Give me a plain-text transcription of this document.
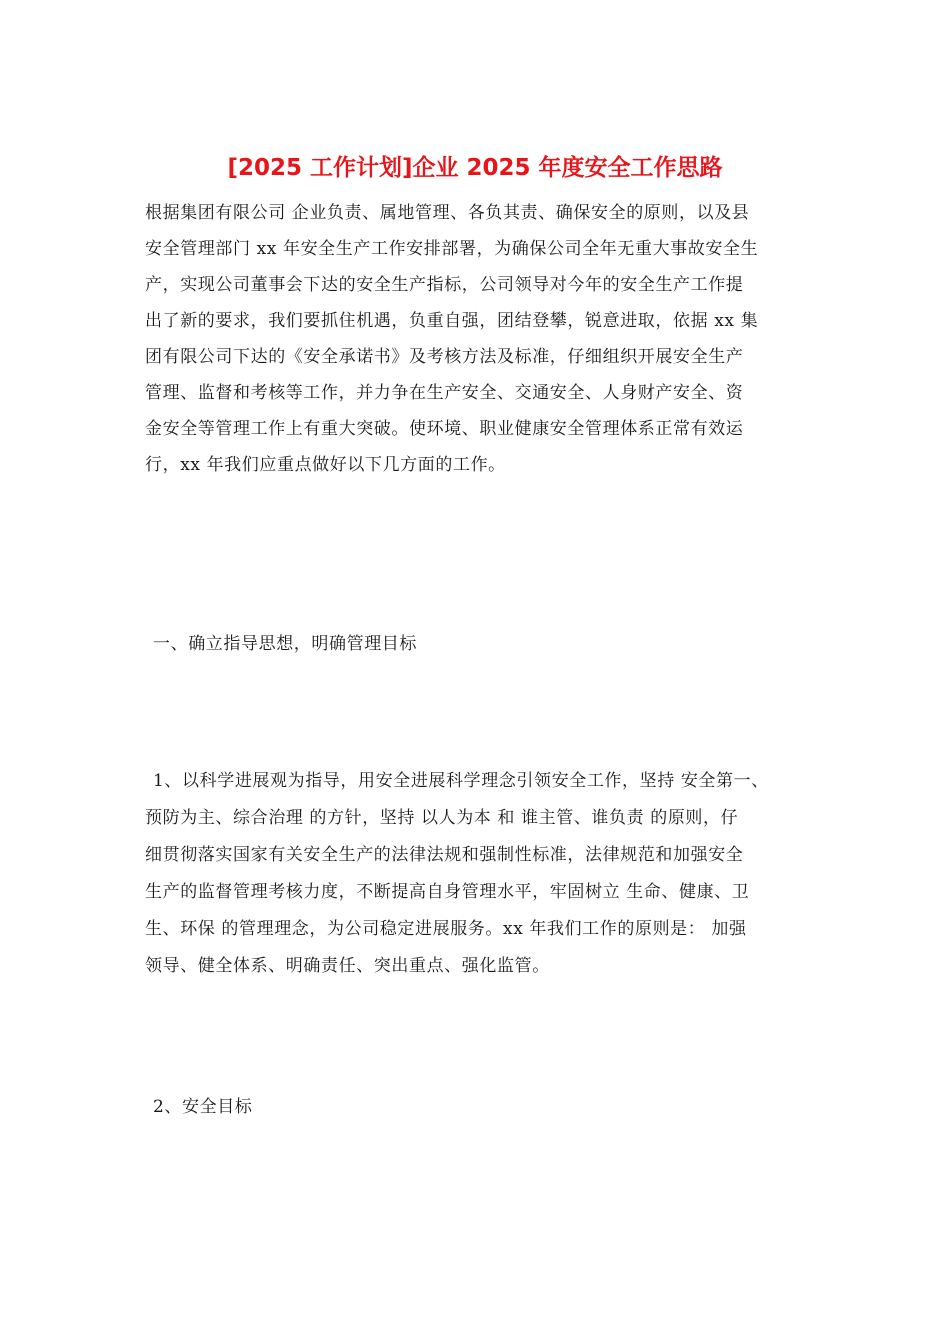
[2025 工作计划]企业 2025 年度安全工作思路
根据集团有限公司 企业负责、属地管理、各负其责、确保安全的原则，以及县
安全管理部门 xx 年安全生产工作安排部署，为确保公司全年无重大事故安全生
产，实现公司董事会下达的安全生产指标，公司领导对今年的安全生产工作提
出了新的要求，我们要抓住机遇，负重自强，团结登攀，锐意进取，依据 xx 集
团有限公司下达的《安全承诺书》及考核方法及标准，仔细组织开展安全生产
管理、监督和考核等工作，并力争在生产安全、交通安全、人身财产安全、资
金安全等管理工作上有重大突破。使环境、职业健康安全管理体系正常有效运
行，xx 年我们应重点做好以下几方面的工作。
一、确立指导思想，明确管理目标
1、以科学进展观为指导，用安全进展科学理念引领安全工作，坚持 安全第一、
预防为主、综合治理 的方针，坚持 以人为本 和 谁主管、谁负责 的原则，仔
细贯彻落实国家有关安全生产的法律法规和强制性标准，法律规范和加强安全
生产的监督管理考核力度，不断提高自身管理水平，牢固树立 生命、健康、卫
生、环保 的管理理念，为公司稳定进展服务。xx 年我们工作的原则是： 加强
领导、健全体系、明确责任、突出重点、强化监管。
2、安全目标
